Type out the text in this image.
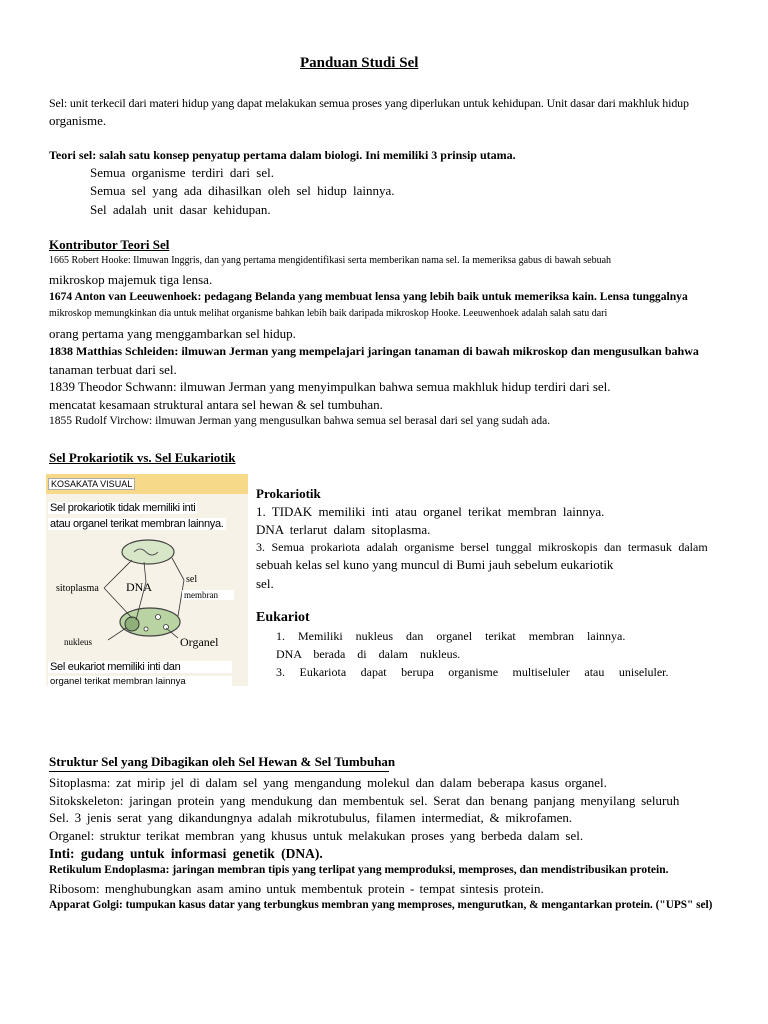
Panduan Studi Sel
Sel: unit terkecil dari materi hidup yang dapat melakukan semua proses yang diperlukan untuk kehidupan. Unit dasar dari makhluk hidup
organisme.
Teori sel: salah satu konsep penyatup pertama dalam biologi. Ini memiliki 3 prinsip utama.
Semua organisme terdiri dari sel.
Semua sel yang ada dihasilkan oleh sel hidup lainnya.
Sel adalah unit dasar kehidupan.
Kontributor Teori Sel
1665 Robert Hooke: Ilmuwan Inggris, dan yang pertama mengidentifikasi serta memberikan nama sel. Ia memeriksa gabus di bawah sebuah
mikroskop majemuk tiga lensa.
1674 Anton van Leeuwenhoek: pedagang Belanda yang membuat lensa yang lebih baik untuk memeriksa kain. Lensa tunggalnya
mikroskop memungkinkan dia untuk melihat organisme bahkan lebih baik daripada mikroskop Hooke. Leeuwenhoek adalah salah satu dari
orang pertama yang menggambarkan sel hidup.
1838 Matthias Schleiden: ilmuwan Jerman yang mempelajari jaringan tanaman di bawah mikroskop dan mengusulkan bahwa
tanaman terbuat dari sel.
1839 Theodor Schwann: ilmuwan Jerman yang menyimpulkan bahwa semua makhluk hidup terdiri dari sel.
mencatat kesamaan struktural antara sel hewan & sel tumbuhan.
1855 Rudolf Virchow: ilmuwan Jerman yang mengusulkan bahwa semua sel berasal dari sel yang sudah ada.
Sel Prokariotik vs. Sel Eukariotik
KOSAKATA VISUAL
Sel prokariotik tidak memiliki inti
atau organel terikat membran lainnya.
sitoplasma DNA
sel
membran
nukleus	Organel
Sel eukariot memiliki inti dan
organel terikat membran lainnya
Prokariotik
1. TIDAK memiliki inti atau organel terikat membran lainnya.
DNA terlarut dalam sitoplasma.
3. Semua prokariota adalah organisme bersel tunggal mikroskopis dan termasuk dalam
sebuah kelas sel kuno yang muncul di Bumi jauh sebelum eukariotik
sel.
Eukariot
1. Memiliki nukleus dan organel terikat membran lainnya.
DNA berada di dalam nukleus.
3. Eukariota dapat berupa organisme multiseluler atau uniseluler.
Struktur Sel yang Dibagikan oleh Sel Hewan & Sel Tumbuhan
Sitoplasma: zat mirip jel di dalam sel yang mengandung molekul dan dalam beberapa kasus organel.
Sitokskeleton: jaringan protein yang mendukung dan membentuk sel. Serat dan benang panjang menyilang seluruh
Sel. 3 jenis serat yang dikandungnya adalah mikrotubulus, filamen intermediat, & mikrofamen.
Organel: struktur terikat membran yang khusus untuk melakukan proses yang berbeda dalam sel.
Inti: gudang untuk informasi genetik (DNA).
Retikulum Endoplasma: jaringan membran tipis yang terlipat yang memproduksi, memproses, dan mendistribusikan protein.
Ribosom: menghubungkan asam amino untuk membentuk protein - tempat sintesis protein.
Apparat Golgi: tumpukan kasus datar yang terbungkus membran yang memproses, mengurutkan, & mengantarkan protein. ("UPS" sel)
